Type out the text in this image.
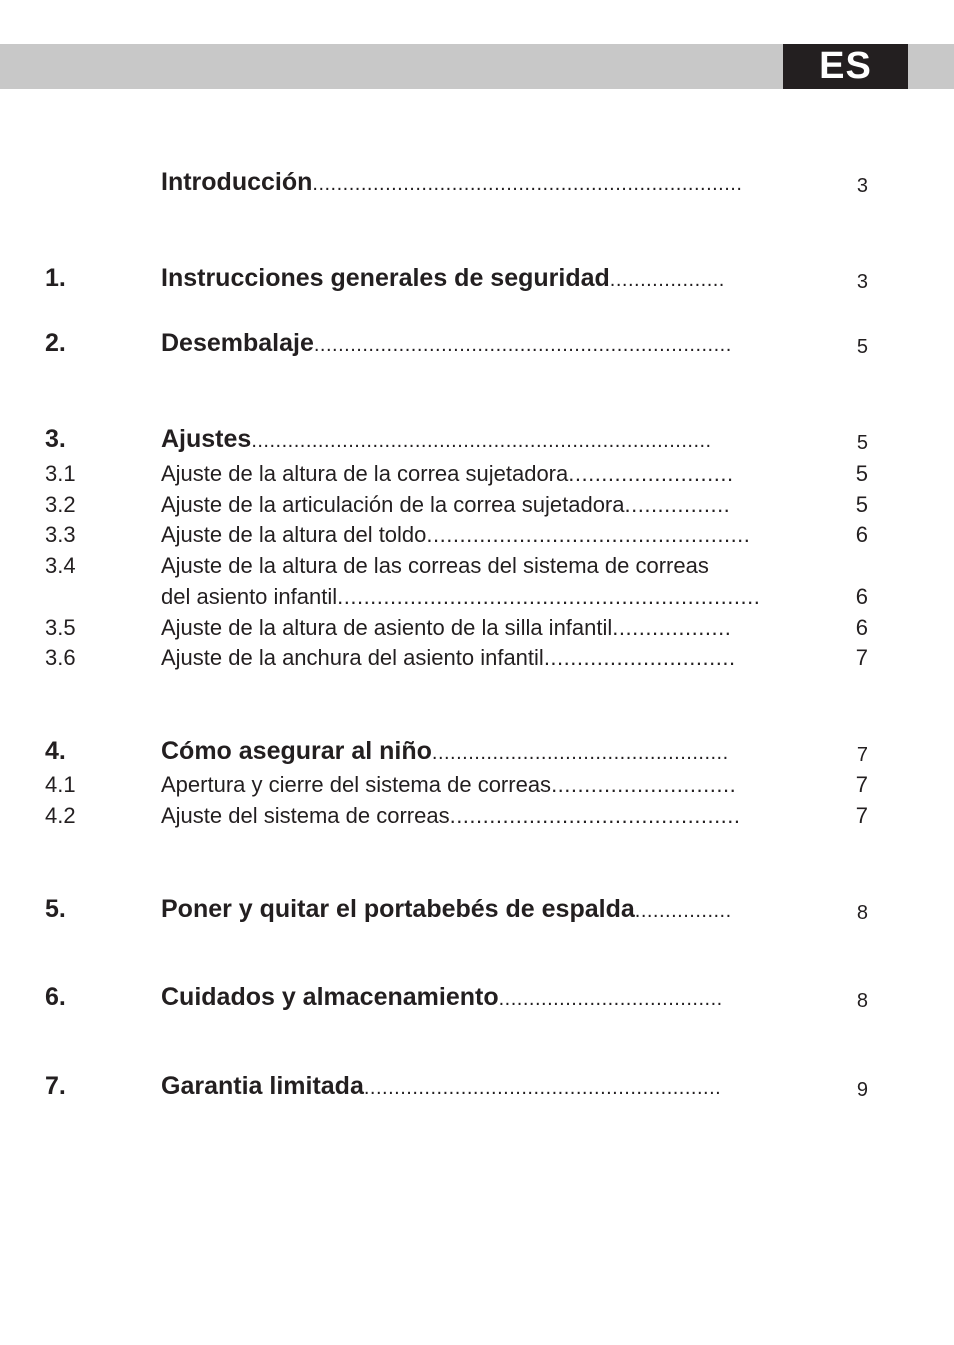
ES
Introducción.......................................................................	3
1.	Instrucciones generales de seguridad...................	3
2.	Desembalaje.....................................................................	5
3.	Ajustes............................................................................	5
3.1	Ajuste de la altura de la correa sujetadora.........................	5
3.2	Ajuste de la articulación de la correa sujetadora................	5
3.3	Ajuste de la altura del toldo.................................................	6
3.4	Ajuste de la altura de las correas del sistema de correas
del asiento infantil................................................................	6
3.5	Ajuste de la altura de asiento de la silla infantil..................	6
3.6	Ajuste de la anchura del asiento infantil.............................	7
4.	Cómo asegurar al niño.................................................	7
4.1	Apertura y cierre del sistema de correas............................	7
4.2	Ajuste del sistema de correas............................................	7
5.	Poner y quitar el portabebés de espalda................	8
6.	Cuidados y almacenamiento.....................................	8
7.	Garantia limitada...........................................................	9
